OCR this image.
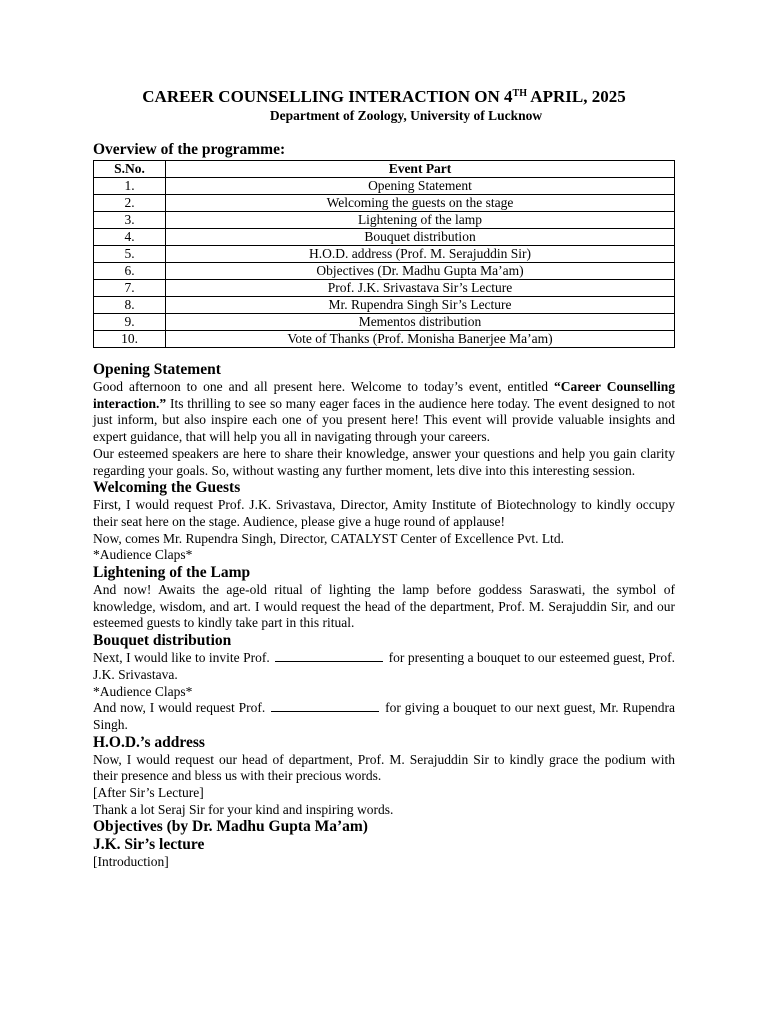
CAREER COUNSELLING INTERACTION ON 4TH APRIL, 2025
Department of Zoology, University of Lucknow
Overview of the programme:
S.No.	Event Part
1.	Opening Statement
2.	Welcoming the guests on the stage
3.	Lightening of the lamp
4.	Bouquet distribution
5.	H.O.D. address (Prof. M. Serajuddin Sir)
6.	Objectives (Dr. Madhu Gupta Ma’am)
7.	Prof. J.K. Srivastava Sir’s Lecture
8.	Mr. Rupendra Singh Sir’s Lecture
9.	Mementos distribution
10.	Vote of Thanks (Prof. Monisha Banerjee Ma’am)
Opening Statement

Good afternoon to one and all present here. Welcome to today’s event, entitled “Career Counselling interaction.” Its thrilling to see so many eager faces in the audience here today. The event designed to not just inform, but also inspire each one of you present here! This event will provide valuable insights and expert guidance, that will help you all in navigating through your careers.

Our esteemed speakers are here to share their knowledge, answer your questions and help you gain clarity regarding your goals. So, without wasting any further moment, lets dive into this interesting session.

Welcoming the Guests

First, I would request Prof. J.K. Srivastava, Director, Amity Institute of Biotechnology to kindly occupy their seat here on the stage. Audience, please give a huge round of applause!

Now, comes Mr. Rupendra Singh, Director, CATALYST Center of Excellence Pvt. Ltd.
*Audience Claps*
Lightening of the Lamp

And now! Awaits the age-old ritual of lighting the lamp before goddess Saraswati, the symbol of knowledge, wisdom, and art. I would request the head of the department, Prof. M. Serajuddin Sir, and our esteemed guests to kindly take part in this ritual.

Bouquet distribution

Next, I would like to invite Prof.	for presenting a bouquet to our esteemed guest, Prof. J.K. Srivastava.

*Audience Claps*

And now, I would request Prof.	for giving a bouquet to our next guest, Mr. Rupendra Singh.

H.O.D.’s address

Now, I would request our head of department, Prof. M. Serajuddin Sir to kindly grace the podium with their presence and bless us with their precious words.

[After Sir’s Lecture]
Thank a lot Seraj Sir for your kind and inspiring words.
Objectives (by Dr. Madhu Gupta Ma’am)
J.K. Sir’s lecture
[Introduction]
